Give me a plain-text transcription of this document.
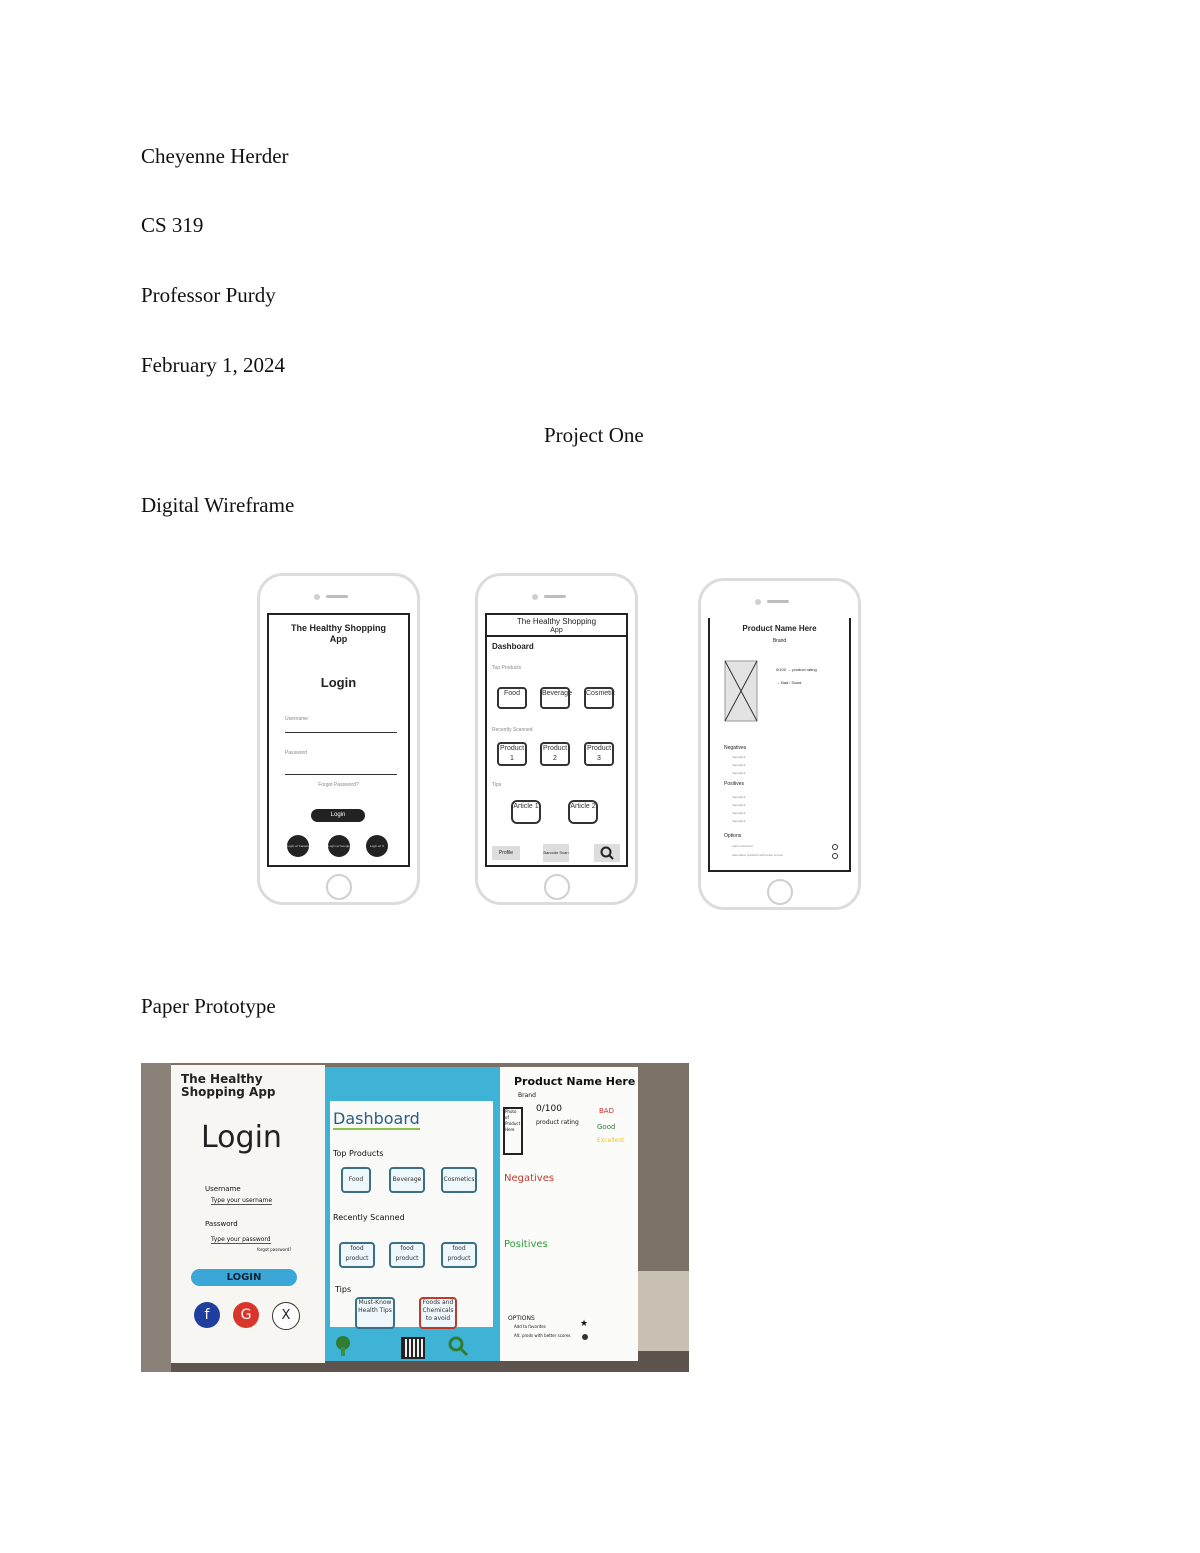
Cheyenne Herder
CS 319
Professor Purdy
February 1, 2024
Project One
Digital Wireframe
The Healthy Shopping
App
Login
Username
Password
Forgot Password?
Login
Login w/ Facebook	Login w/ Google	Login w/ X
The Healthy Shopping
App
Dashboard
Top Products
Food	Beverage Cosmetic
Recently Scanned
Product 1
Product 2
Product 3
Tips
Article 1	Article 2
Profile	Barcode Scan
Product Name Here
Brand
0/100 → product rating
→ Bad / Good
Negatives
Ingredient
Ingredient
Ingredient
Positives
Ingredient
Ingredient
Ingredient
Ingredient
Options
Add to favorites
Alternative products with better scores
Paper Prototype
The Healthy Shopping App
Login
Username
Type your username
Password
Type your password
forgot password?
LOGIN
f	G	X
Dashboard
Top Products
Food	Beverage	Cosmetics
Recently Scanned
food product
food product
food product
Tips
Must-Know Health Tips
Foods and Chemicals to avoid
Product Name Here
Brand
Photo of Product Here
0/100
product rating
BAD
Good
Excellent
Negatives
Positives
OPTIONS
Add to favorites
Alt. prods with better scores
★
